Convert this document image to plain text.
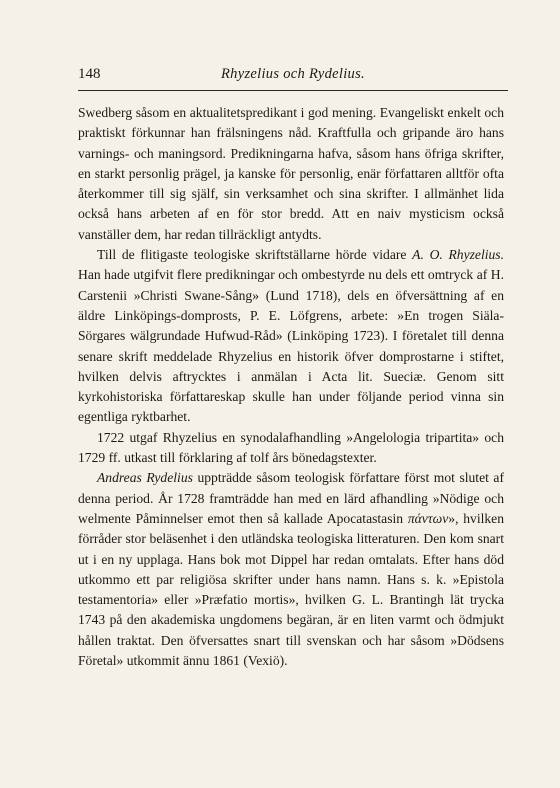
148	Rhyzelius och Rydelius.

Swedberg såsom en aktualitetspredikant i god mening. Evangeliskt enkelt och praktiskt förkunnar han frälsningens nåd. Kraftfulla och gripande äro hans varnings- och maningsord. Predikningarna hafva, såsom hans öfriga skrifter, en starkt personlig prägel, ja kanske för personlig, enär författaren alltför ofta återkommer till sig själf, sin verksamhet och sina skrifter. I allmänhet lida också hans arbeten af en för stor bredd. Att en naiv mysticism också vanställer dem, har redan tillräckligt antydts.

Till de flitigaste teologiske skriftställarne hörde vidare A. O. Rhyzelius. Han hade utgifvit flere predikningar och ombestyrde nu dels ett omtryck af H. Carstenii »Christi Swane-Sång» (Lund 1718), dels en öfversättning af en äldre Linköpings-domprosts, P. E. Löfgrens, arbete: »En trogen Siäla-Sörgares wälgrundade Hufwud-Råd» (Linköping 1723). I företalet till denna senare skrift meddelade Rhyzelius en historik öfver domprostarne i stiftet, hvilken delvis aftrycktes i anmälan i Acta lit. Sueciæ. Genom sitt kyrkohistoriska författareskap skulle han under följande period vinna sin egentliga ryktbarhet.

1722 utgaf Rhyzelius en synodalafhandling »Angelologia tripartita» och 1729 ff. utkast till förklaring af tolf års bönedagstexter.

Andreas Rydelius uppträdde såsom teologisk författare först mot slutet af denna period. År 1728 framträdde han med en lärd afhandling »Nödige och welmente Påminnelser emot then så kallade Apocatastasin πάντων», hvilken förråder stor beläsenhet i den utländska teologiska litteraturen. Den kom snart ut i en ny upplaga. Hans bok mot Dippel har redan omtalats. Efter hans död utkommo ett par religiösa skrifter under hans namn. Hans s. k. »Epistola testamentoria» eller »Præfatio mortis», hvilken G. L. Brantingh lät trycka 1743 på den akademiska ungdomens begäran, är en liten varmt och ödmjukt hållen traktat. Den öfversattes snart till svenskan och har såsom »Dödsens Företal» utkommit ännu 1861 (Vexiö).
